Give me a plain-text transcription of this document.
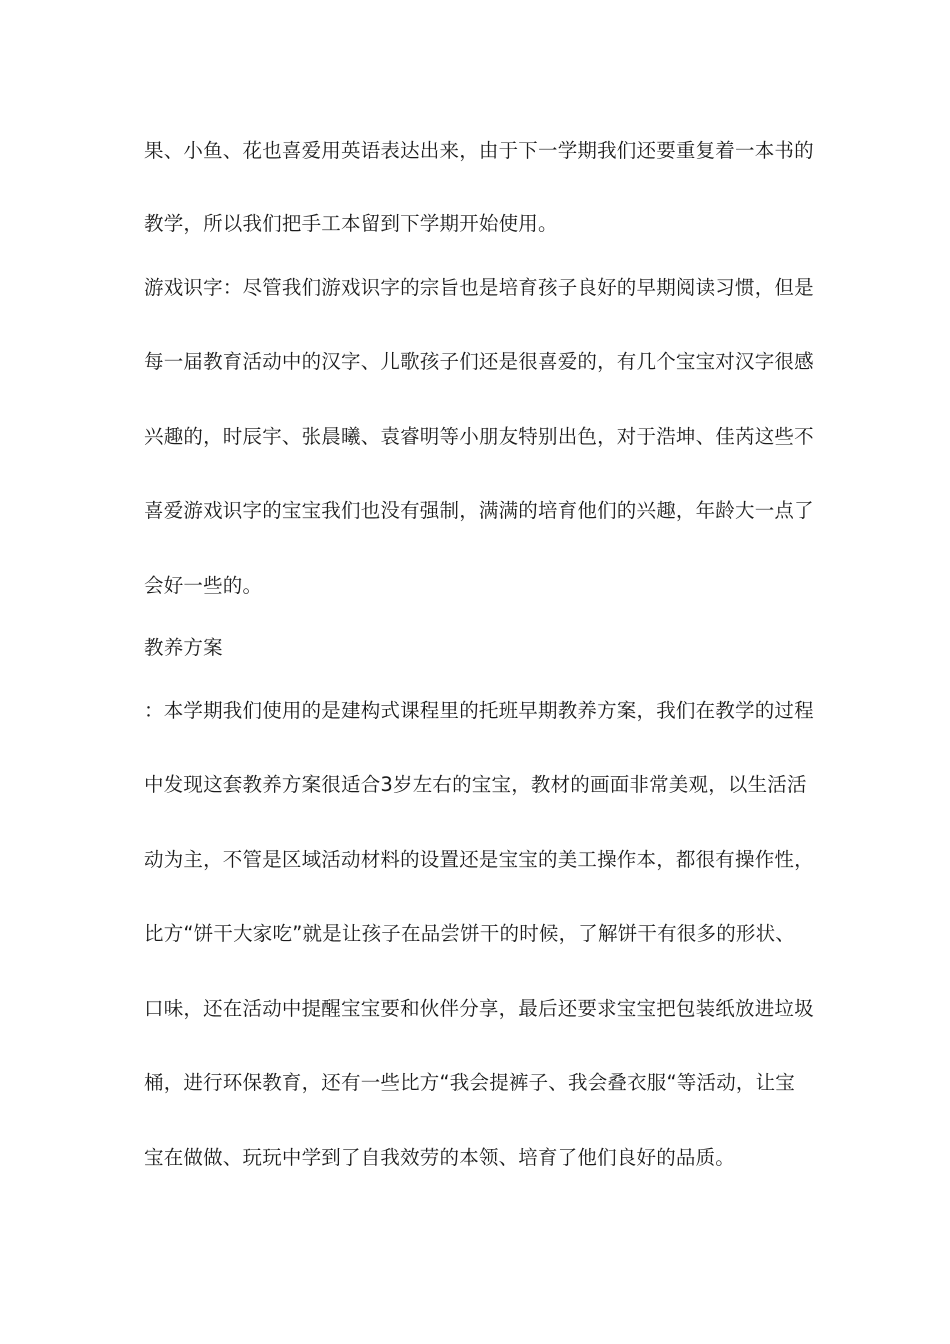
果、小鱼、花也喜爱用英语表达出来，由于下一学期我们还要重复着一本书的
教学，所以我们把手工本留到下学期开始使用。
游戏识字：尽管我们游戏识字的宗旨也是培育孩子良好的早期阅读习惯，但是
每一届教育活动中的汉字、儿歌孩子们还是很喜爱的，有几个宝宝对汉字很感
兴趣的，时辰宇、张晨曦、袁睿明等小朋友特别出色，对于浩坤、佳芮这些不
喜爱游戏识字的宝宝我们也没有强制，满满的培育他们的兴趣，年龄大一点了
会好一些的。
教养方案
：本学期我们使用的是建构式课程里的托班早期教养方案，我们在教学的过程
中发现这套教养方案很适合3岁左右的宝宝，教材的画面非常美观，以生活活
动为主，不管是区域活动材料的设置还是宝宝的美工操作本，都很有操作性，
比方“饼干大家吃”就是让孩子在品尝饼干的时候，了解饼干有很多的形状、
口味，还在活动中提醒宝宝要和伙伴分享，最后还要求宝宝把包装纸放进垃圾
桶，进行环保教育，还有一些比方“我会提裤子、我会叠衣服“等活动，让宝
宝在做做、玩玩中学到了自我效劳的本领、培育了他们良好的品质。
